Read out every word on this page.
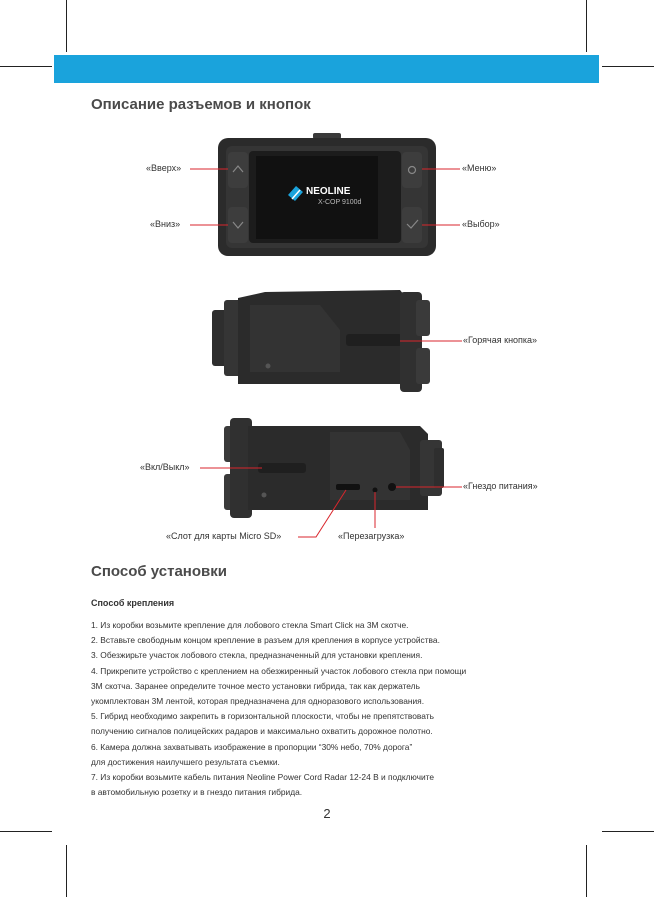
Описание разъемов и кнопок
NEOLINE
X-COP 9100d
«Вверх»
«Вниз»
«Меню»
«Выбор»
«Горячая кнопка»
«Вкл/Выкл»
«Гнездо питания»
«Слот для карты Micro SD»	«Перезагрузка»
Способ установки

Способ крепления

1. Из коробки возьмите крепление для лобового стекла Smart Click на 3М скотче.
2. Вставьте свободным концом крепление в разъем для крепления в корпусе устройства.
3. Обезжирьте участок лобового стекла, предназначенный для установки крепления.
4. Прикрепите устройство с креплением на обезжиренный участок лобового стекла при помощи
3М скотча. Заранее определите точное место установки гибрида, так как держатель
укомплектован 3М лентой, которая предназначена для одноразового использования.
5. Гибрид необходимо закрепить в горизонтальной плоскости, чтобы не препятствовать
получению сигналов полицейских радаров и максимально охватить дорожное полотно.
6. Камера должна захватывать изображение в пропорции “30% небо, 70% дорога”
для достижения наилучшего результата съемки.
7. Из коробки возьмите кабель питания Neoline Power Cord Radar 12-24 В и подключите
в автомобильную розетку и в гнездо питания гибрида.
2
